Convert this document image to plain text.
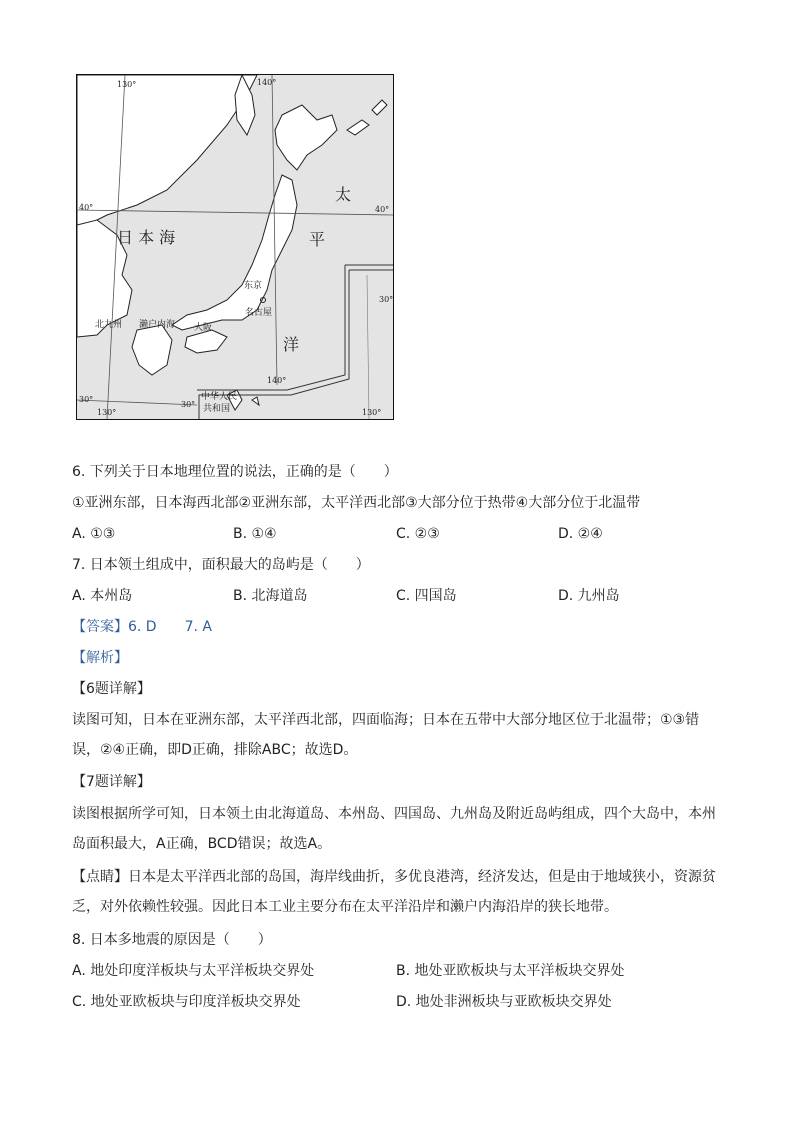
130°	140°
40°	40°
30°
30°
30°
130°
140°
130°
日 本 海
太
平
洋
东京
名古屋
大阪
北九州 濑户内海
中华人民
共和国
6. 下列关于日本地理位置的说法，正确的是（　　）
①亚洲东部，日本海西北部②亚洲东部，太平洋西北部③大部分位于热带④大部分位于北温带
A. ①③	B. ①④	C. ②③	D. ②④
7. 日本领土组成中，面积最大的岛屿是（　　）
A. 本州岛	B. 北海道岛	C. 四国岛	D. 九州岛
【答案】6. D　　7. A
【解析】
【6题详解】
读图可知，日本在亚洲东部，太平洋西北部，四面临海；日本在五带中大部分地区位于北温带；①③错误，②④正确，即D正确，排除ABC；故选D。
【7题详解】
读图根据所学可知，日本领土由北海道岛、本州岛、四国岛、九州岛及附近岛屿组成，四个大岛中，本州岛面积最大，A正确，BCD错误；故选A。
【点睛】日本是太平洋西北部的岛国，海岸线曲折，多优良港湾，经济发达，但是由于地域狭小，资源贫乏，对外依赖性较强。因此日本工业主要分布在太平洋沿岸和濑户内海沿岸的狭长地带。
8. 日本多地震的原因是（　　）
A. 地处印度洋板块与太平洋板块交界处	B. 地处亚欧板块与太平洋板块交界处
C. 地处亚欧板块与印度洋板块交界处	D. 地处非洲板块与亚欧板块交界处
